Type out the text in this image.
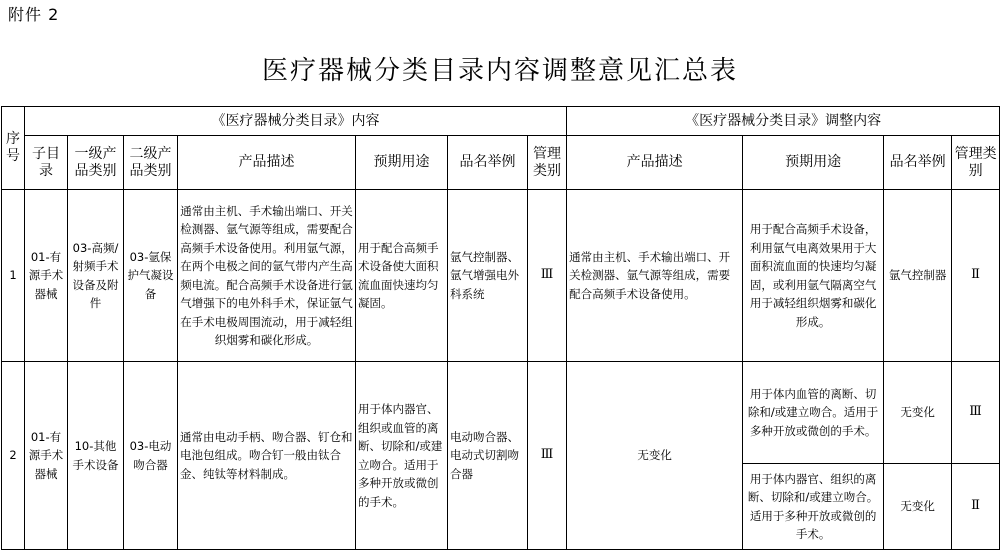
附件 2
医疗器械分类目录内容调整意见汇总表
序号	《医疗器械分类目录》内容							《医疗器械分类目录》调整内容			
	子目录	一级产品类别	二级产品类别	产品描述	预期用途	品名举例	管理类别	产品描述	预期用途	品名举例	管理类别
1	01-有源手术器械	03-高频/射频手术设备及附件	03-氩保护气凝设备	通常由主机、手术输出端口、开关检测器、氩气源等组成，需要配合高频手术设备使用。利用氩气源，在两个电极之间的氩气带内产生高频电流。配合高频手术设备进行氩气增强下的电外科手术，保证氩气在手术电极周围流动，用于减轻组织烟雾和碳化形成。	用于配合高频手术设备使大面积流血面快速均匀凝固。	氩气控制器、氩气增强电外科系统	Ⅲ	通常由主机、手术输出端口、开关检测器、氩气源等组成，需要配合高频手术设备使用。	用于配合高频手术设备，利用氩气电离效果用于大面积流血面的快速均匀凝固，或利用氩气隔离空气用于减轻组织烟雾和碳化形成。	氩气控制器	Ⅱ
2	01-有源手术器械	10-其他手术设备	03-电动吻合器	通常由电动手柄、吻合器、钉仓和电池包组成。吻合钉一般由钛合金、纯钛等材料制成。	用于体内器官、组织或血管的离断、切除和/或建立吻合。适用于多种开放或微创的手术。	电动吻合器、电动式切割吻合器	Ⅲ	无变化	用于体内血管的离断、切除和/或建立吻合。适用于多种开放或微创的手术。	无变化	Ⅲ
									用于体内器官、组织的离断、切除和/或建立吻合。适用于多种开放或微创的手术。	无变化	Ⅱ
